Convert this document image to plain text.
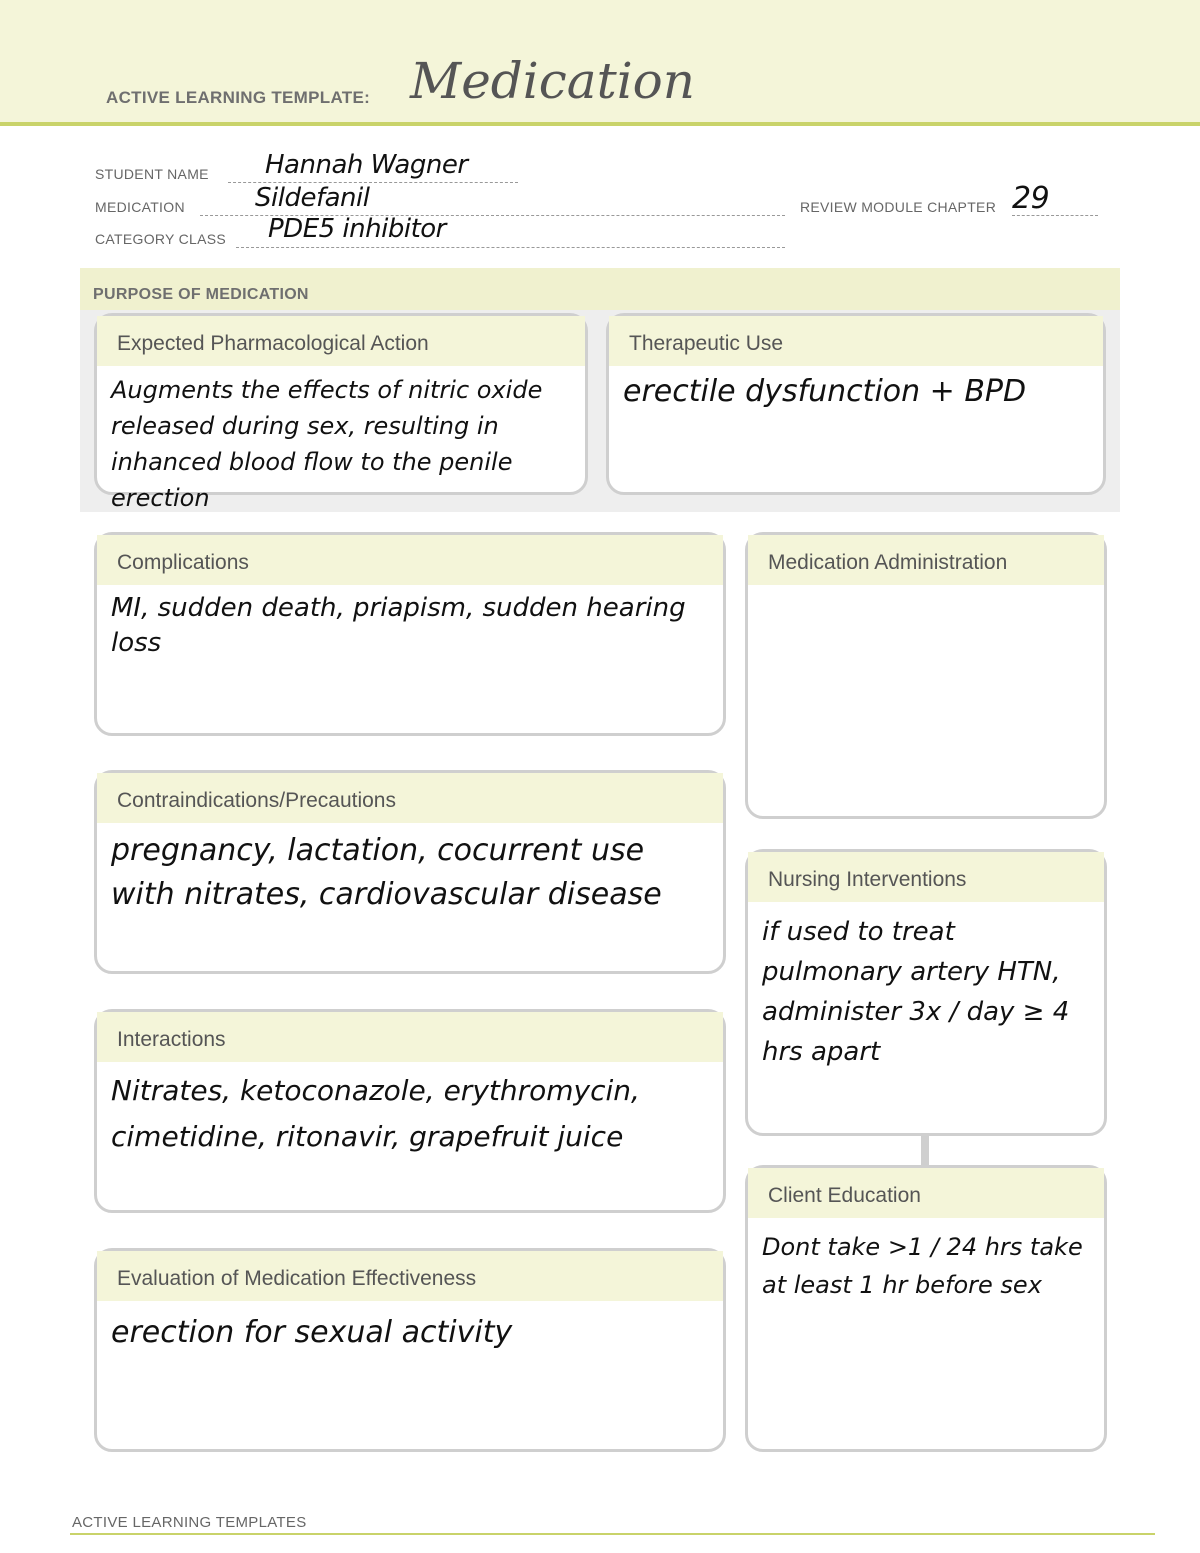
ACTIVE LEARNING TEMPLATE: Medication
STUDENT NAME Hannah Wagner
MEDICATION	Sildefanil	REVIEW MODULE CHAPTER 29
CATEGORY CLASS PDE5 inhibitor
PURPOSE OF MEDICATION
Expected Pharmacological Action
Augments the effects of nitric oxide released during sex, resulting in inhanced blood flow to the penile erection
Therapeutic Use
erectile dysfunction + BPD
Complications
MI, sudden death, priapism, sudden hearing loss
Contraindications/Precautions
pregnancy, lactation, cocurrent use with nitrates, cardiovascular disease
Interactions
Nitrates, ketoconazole, erythromycin, cimetidine, ritonavir, grapefruit juice
Evaluation of Medication Effectiveness
erection for sexual activity
Medication Administration
Nursing Interventions
if used to treat pulmonary artery HTN, administer 3x / day ≥ 4 hrs apart
Client Education
Dont take >1 / 24 hrs take at least 1 hr before sex
ACTIVE LEARNING TEMPLATES
